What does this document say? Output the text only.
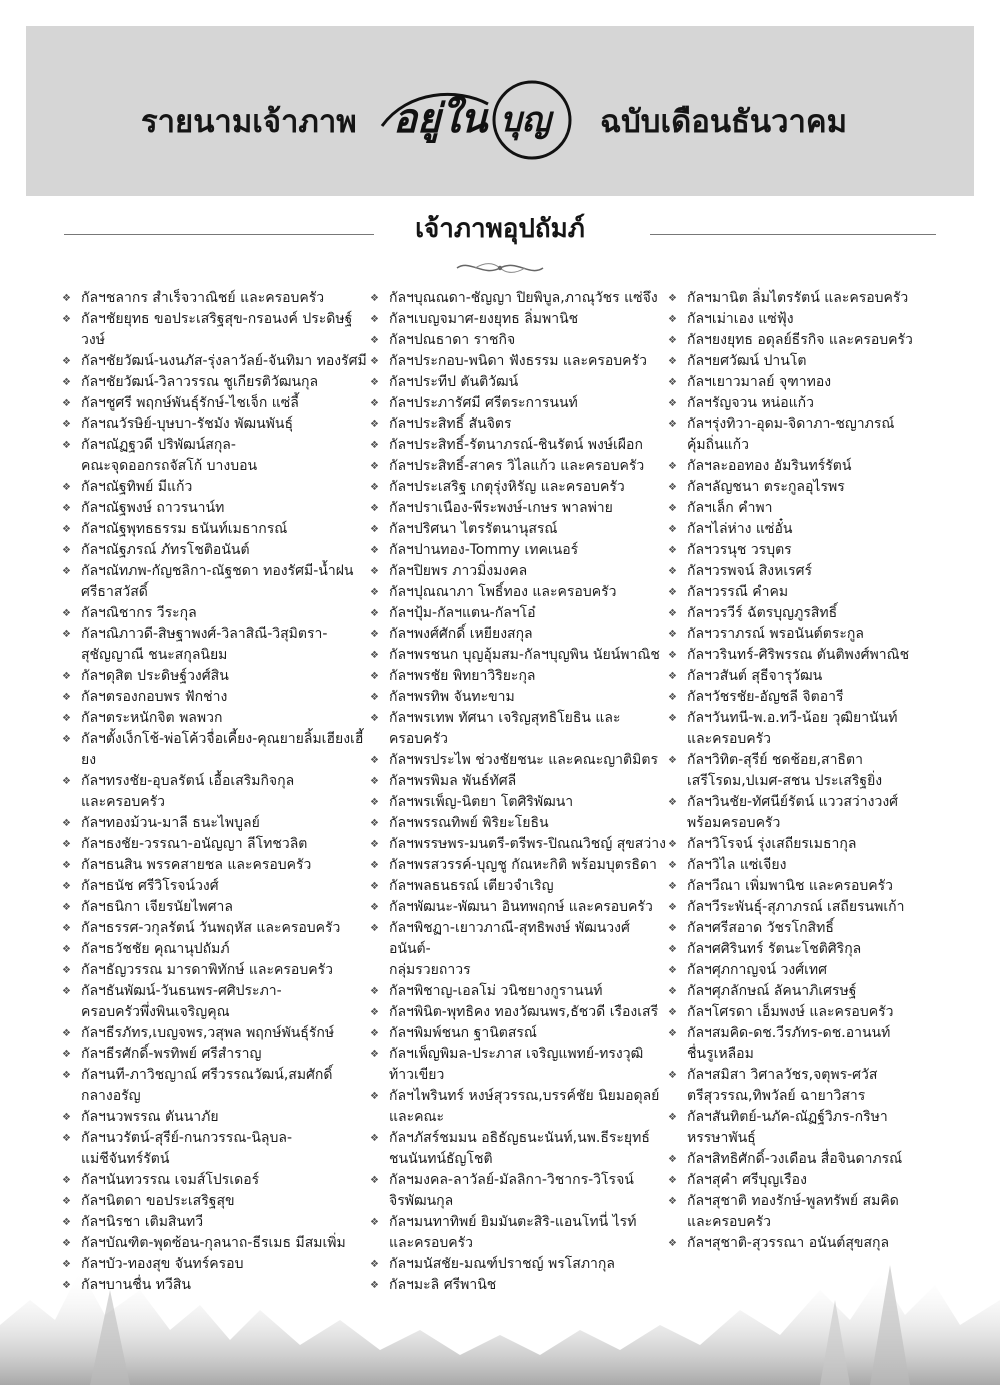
รายนามเจ้าภาพ อยู่ใน บุญ ฉบับเดือนธันวาคม
เจ้าภาพอุปถัมภ์
❖ กัลฯชลากร สำเร็จวาณิชย์ และครอบครัว
❖ กัลฯชัยยุทธ ขอประเสริฐสุข-กรอนงค์ ประดิษฐ์วงษ์
❖ กัลฯชัยวัฒน์-นงนภัส-รุ่งลาวัลย์-จันทิมา ทองรัศมี
❖ กัลฯชัยวัฒน์-วิลาวรรณ ชูเกียรติวัฒนกุล
❖ กัลฯชูศรี พฤกษ์พันธุ์รักษ์-ไชเจ็ก แซ่ลี้
❖ กัลฯณวัรษิย์-บุษบา-รัชมัง พัฒนพันธุ์
❖ กัลฯณัฏฐวดี ปริพัฒน์สกุล-
คณะจุดออกรถจัสโก้ บางบอน
❖ กัลฯณัฐทิพย์ มีแก้ว
❖ กัลฯณัฐพงษ์ ถาวรนาน์ท
❖ กัลฯณัฐพุทธธรรม ธนันท์เมธากรณ์
❖ กัลฯณัฐภรณ์ ภัทรโชติอนันต์
❖ กัลฯณัทภพ-กัญชลิกา-ณัฐชดา ทองรัศมี-น้ำฝน
ศรีธาสวัสดิ์
❖ กัลฯณิชากร วีระกุล
❖ กัลฯณิภาวดี-สิษฐาพงศ์-วิลาสิณี-วิสุมิตรา-
สุชัญญาณี ชนะสกุลนิยม
❖ กัลฯดุสิต ประดิษฐ์วงศ์สิน
❖ กัลฯตรองกอบพร ฟักช่าง
❖ กัลฯตระหนักจิต พลพวก
❖ กัลฯตั้งเง็กโช้-พ่อโค้วจื่อเคี้ยง-คุณยายลิ้มเฮียงเฮี้ยง
❖ กัลฯทรงชัย-อุบลรัตน์ เอื้อเสริมกิจกุล
และครอบครัว
❖ กัลฯทองม้วน-มาลี ธนะไพบูลย์
❖ กัลฯธงชัย-วรรณา-อนัญญา ลีโทชวลิต
❖ กัลฯธนสิน พรรคสายชล และครอบครัว
❖ กัลฯธนัช ศรีวิโรจน์วงศ์
❖ กัลฯธนิกา เจียรนัยไพศาล
❖ กัลฯธรรศ-วกุลรัตน์ วันพฤหัส และครอบครัว
❖ กัลฯธวัชชัย คุณานุปถัมภ์
❖ กัลฯธัญวรรณ มารดาพิทักษ์ และครอบครัว
❖ กัลฯธันพัฒน์-วันธนพร-ศศิประภา-
ครอบครัวพึ่งพินเจริญคุณ
❖ กัลฯธีรภัทร,เบญจพร,วสุพล พฤกษ์พันธุ์รักษ์
❖ กัลฯธีรศักดิ์-พรทิพย์ ศรีสำราญ
❖ กัลฯนที-ภาวิชญาณ์ ศรีวรรณวัฒน์,สมศักดิ์
กลางอรัญ
❖ กัลฯนวพรรณ ตันนาภัย
❖ กัลฯนวรัตน์-สุรีย์-กนกวรรณ-นิลุบล-
แม่ชีจันทร์รัตน์
❖ กัลฯนันทวรรณ เจมส์โปรเดอร์
❖ กัลฯนิตดา ขอประเสริฐสุข
❖ กัลฯนิรชา เติมสินทวี
❖ กัลฯบัณฑิต-พุดซ้อน-กุลนาถ-ธีรเมธ มีสมเพิ่ม
❖ กัลฯบัว-ทองสุข จันทร์ครอบ
❖ กัลฯบานชื่น ทวีสิน
❖ กัลฯบุณณดา-ชัญญา ปิยพิบูล,ภาณุวัชร แซ่จึง
❖ กัลฯเบญจมาศ-ยงยุทธ ลิ่มพานิช
❖ กัลฯปณธาดา ราชกิจ
❖ กัลฯประกอบ-พนิดา ฟังธรรม และครอบครัว
❖ กัลฯประทีป ตันติวัฒน์
❖ กัลฯประภารัศมี ศรีตระการนนท์
❖ กัลฯประสิทธิ์ สันจิตร
❖ กัลฯประสิทธิ์-รัตนาภรณ์-ชินรัตน์ พงษ์เผือก
❖ กัลฯประสิทธิ์-สาคร วิไลแก้ว และครอบครัว
❖ กัลฯประเสริฐ เกตุรุ่งหิรัญ และครอบครัว
❖ กัลฯปราเนือง-พีระพงษ์-เกษร พาลพ่าย
❖ กัลฯปริศนา ไตรรัตนานุสรณ์
❖ กัลฯปานทอง-Tommy เทคเนอร์
❖ กัลฯปิยพร ภาวมิ่งมงคล
❖ กัลฯปุณณาภา โพธิ์ทอง และครอบครัว
❖ กัลฯปุ้ม-กัลฯแตน-กัลฯโอ๋
❖ กัลฯพงศ์ศักดิ์ เหยียงสกุล
❖ กัลฯพรชนก บุญอุ้มสม-กัลฯบุญพิน นัยน์พาณิช
❖ กัลฯพรชัย พิทยาวิริยะกุล
❖ กัลฯพรทิพ จันทะขาม
❖ กัลฯพรเทพ ทัศนา เจริญสุทธิโยธิน และครอบครัว
❖ กัลฯพรประไพ ช่วงชัยชนะ และคณะญาติมิตร
❖ กัลฯพรพิมล พันธ์ทัศลี
❖ กัลฯพรเพ็ญ-นิตยา โตศิริพัฒนา
❖ กัลฯพรรณทิพย์ พิริยะโยธิน
❖ กัลฯพรรษพร-มนตรี-ตรีพร-ปิณณวิชญ์ สุขสว่าง
❖ กัลฯพรสวรรค์-บุญชู กัณหะกิติ พร้อมบุตรธิดา
❖ กัลฯพลธนธรณ์ เตียวจำเริญ
❖ กัลฯพัฒนะ-พัฒนา อินทพฤกษ์ และครอบครัว
❖ กัลฯพิชฏา-เยาวภาณี-สุทธิพงษ์ พัฒนวงศ์อนันต์-
กลุ่มรวยถาวร
❖ กัลฯพิชาญ-เอลโม่ วนิชยางกูรานนท์
❖ กัลฯพินิต-พุทธิคง ทองวัฒนพร,ธัชวดี เรืองเสรี
❖ กัลฯพิมพ์ชนก ฐานิตสรณ์
❖ กัลฯเพ็ญพิมล-ประภาส เจริญแพทย์-ทรงวุฒิ
ท้าวเขียว
❖ กัลฯไพรินทร์ หงษ์สุวรรณ,บรรค์ชัย นิยมอดุลย์
และคณะ
❖ กัลฯภัสร์ชมมน อธิธัญธนะนันท์,นพ.ธีระยุทธ์
ชนนันทน์ธัญโชติ
❖ กัลฯมงคล-ลาวัลย์-มัลลิกา-วิชากร-วิโรจน์
จิรพัฒนกุล
❖ กัลฯมนทาทิพย์ ยิมมันตะสิริ-แอนโทนี่ ไรท์
และครอบครัว
❖ กัลฯมนัสชัย-มณฑ์ปราชญ์ พรโสภากุล
❖ กัลฯมะลิ ศรีพานิช
❖ กัลฯมานิต ลิ่มไตรรัตน์ และครอบครัว
❖ กัลฯเม่าเอง แซ่ฟุ้ง
❖ กัลฯยงยุทธ อดุลย์ธีรกิจ และครอบครัว
❖ กัลฯยศวัฒน์ ปานโต
❖ กัลฯเยาวมาลย์ จุฑาทอง
❖ กัลฯรัญจวน หน่อแก้ว
❖ กัลฯรุ่งทิวา-อุดม-จิดาภา-ชญาภรณ์
คุ้มถิ่นแก้ว
❖ กัลฯละออทอง อัมรินทร์รัตน์
❖ กัลฯลัญชนา ตระกูลอุไรพร
❖ กัลฯเล็ก คำพา
❖ กัลฯไล่ห่าง แซ่อั๋น
❖ กัลฯวรนุช วรบุตร
❖ กัลฯวรพจน์ สิงหเรศร์
❖ กัลฯวรรณี คำคม
❖ กัลฯวรวีร์ ฉัตรบุญภูรสิทธิ์
❖ กัลฯวราภรณ์ พรอนันต์ตระกูล
❖ กัลฯวรินทร์-ศิริพรรณ ตันติพงศ์พาณิช
❖ กัลฯวสันต์ สุธีจารุวัฒน
❖ กัลฯวัชรชัย-อัญชลี จิตอารี
❖ กัลฯวันทนี-พ.อ.ทวี-น้อย วุฒิยานันท์
และครอบครัว
❖ กัลฯวิทิต-สุรีย์ ชดช้อย,สาธิตา
เสรีโรดม,ปเมศ-สชน ประเสริฐยิ่ง
❖ กัลฯวินชัย-ทัศนีย์รัตน์ แววสว่างวงศ์
พร้อมครอบครัว
❖ กัลฯวิโรจน์ รุ่งเสถียรเมธากุล
❖ กัลฯวิไล แซ่เจียง
❖ กัลฯวีณา เพิ่มพานิช และครอบครัว
❖ กัลฯวีระพันธุ์-สุภาภรณ์ เสถียรนพเก้า
❖ กัลฯศรีสอาด วัชรโกสิทธิ์
❖ กัลฯศศิรินทร์ รัตนะโชติศิริกุล
❖ กัลฯศุภกาญจน์ วงศ์เทศ
❖ กัลฯศุภลักษณ์ ลัคนาภิเศรษฐ์
❖ กัลฯโศรดา เอ็มพงษ์ และครอบครัว
❖ กัลฯสมคิด-ดช.วีรภัทร-ดช.อานนท์
ชื่นรูเหลือม
❖ กัลฯสมิสา วิศาลวัชร,จตุพร-ศวัส
ตรีสุวรรณ,ทิพวัลย์ ฉายาวิสาร
❖ กัลฯสันทิตย์-นภัค-ณัฏฐ์วิภร-กริษา
หรรษาพันธุ์
❖ กัลฯสิทธิศักดิ์-วงเดือน สื่อจินดาภรณ์
❖ กัลฯสุคำ ศรีบุญเรือง
❖ กัลฯสุชาติ ทองรักษ์-พูลทรัพย์ สมคิด
และครอบครัว
❖ กัลฯสุชาติ-สุวรรณา อนันต์สุขสกุล
